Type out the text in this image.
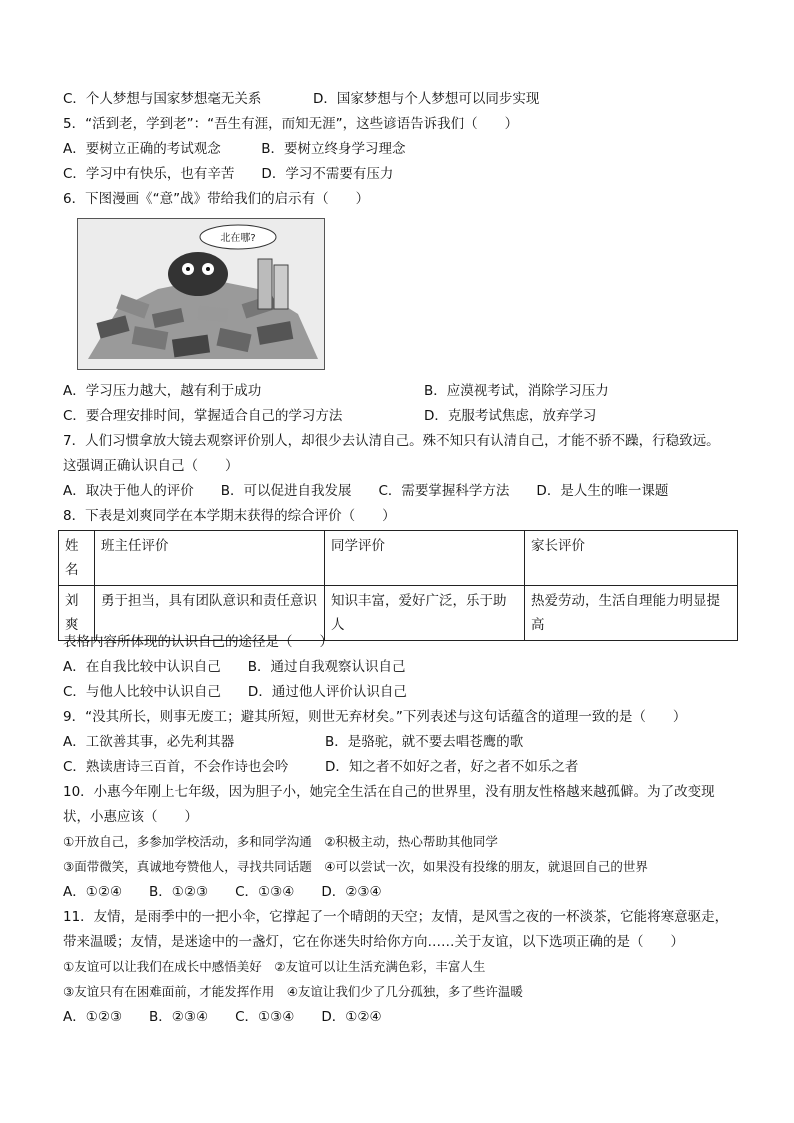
C．个人梦想与国家梦想毫无关系	D．国家梦想与个人梦想可以同步实现
5．“活到老，学到老”：“吾生有涯，而知无涯”，这些谚语告诉我们（　　）
A．要树立正确的考试观念　　　B．要树立终身学习理念
C．学习中有快乐，也有辛苦　　D．学习不需要有压力
6．下图漫画《“意”战》带给我们的启示有（　　）
北在哪?
A．学习压力越大，越有利于成功	B．应漠视考试，消除学习压力
C．要合理安排时间，掌握适合自己的学习方法	D．克服考试焦虑，放弃学习
7．人们习惯拿放大镜去观察评价别人，却很少去认清自己。殊不知只有认清自己，才能不骄不躁，行稳致远。
这强调正确认识自己（　　）
A．取决于他人的评价　　B．可以促进自我发展　　C．需要掌握科学方法　　D．是人生的唯一课题
8．下表是刘爽同学在本学期末获得的综合评价（　　）
姓名	班主任评价	同学评价	家长评价
刘爽	勇于担当，具有团队意识和责任意识	知识丰富，爱好广泛，乐于助人	热爱劳动，生活自理能力明显提高
表格内容所体现的认识自己的途径是（　　）
A．在自我比较中认识自己　　B．通过自我观察认识自己
C．与他人比较中认识自己　　D．通过他人评价认识自己
9．“没其所长，则事无废工；避其所短，则世无弃材矣。”下列表述与这句话蕴含的道理一致的是（　　）
A．工欲善其事，必先利其器	B．是骆驼，就不要去唱苍鹰的歌
C．熟读唐诗三百首，不会作诗也会吟	D．知之者不如好之者，好之者不如乐之者
10．小惠今年刚上七年级，因为胆子小，她完全生活在自己的世界里，没有朋友性格越来越孤僻。为了改变现
状，小惠应该（　　）
①开放自己，多参加学校活动，多和同学沟通　②积极主动，热心帮助其他同学
③面带微笑，真诚地夸赞他人，寻找共同话题　④可以尝试一次，如果没有投缘的朋友，就退回自己的世界
A．①②④　　B．①②③　　C．①③④　　D．②③④
11．友情，是雨季中的一把小伞，它撑起了一个晴朗的天空；友情，是风雪之夜的一杯淡茶，它能将寒意驱走，
带来温暖；友情，是迷途中的一盏灯，它在你迷失时给你方向……关于友谊，以下选项正确的是（　　）
①友谊可以让我们在成长中感悟美好　②友谊可以让生活充满色彩，丰富人生
③友谊只有在困难面前，才能发挥作用　④友谊让我们少了几分孤独，多了些许温暖
A．①②③　　B．②③④　　C．①③④　　D．①②④
